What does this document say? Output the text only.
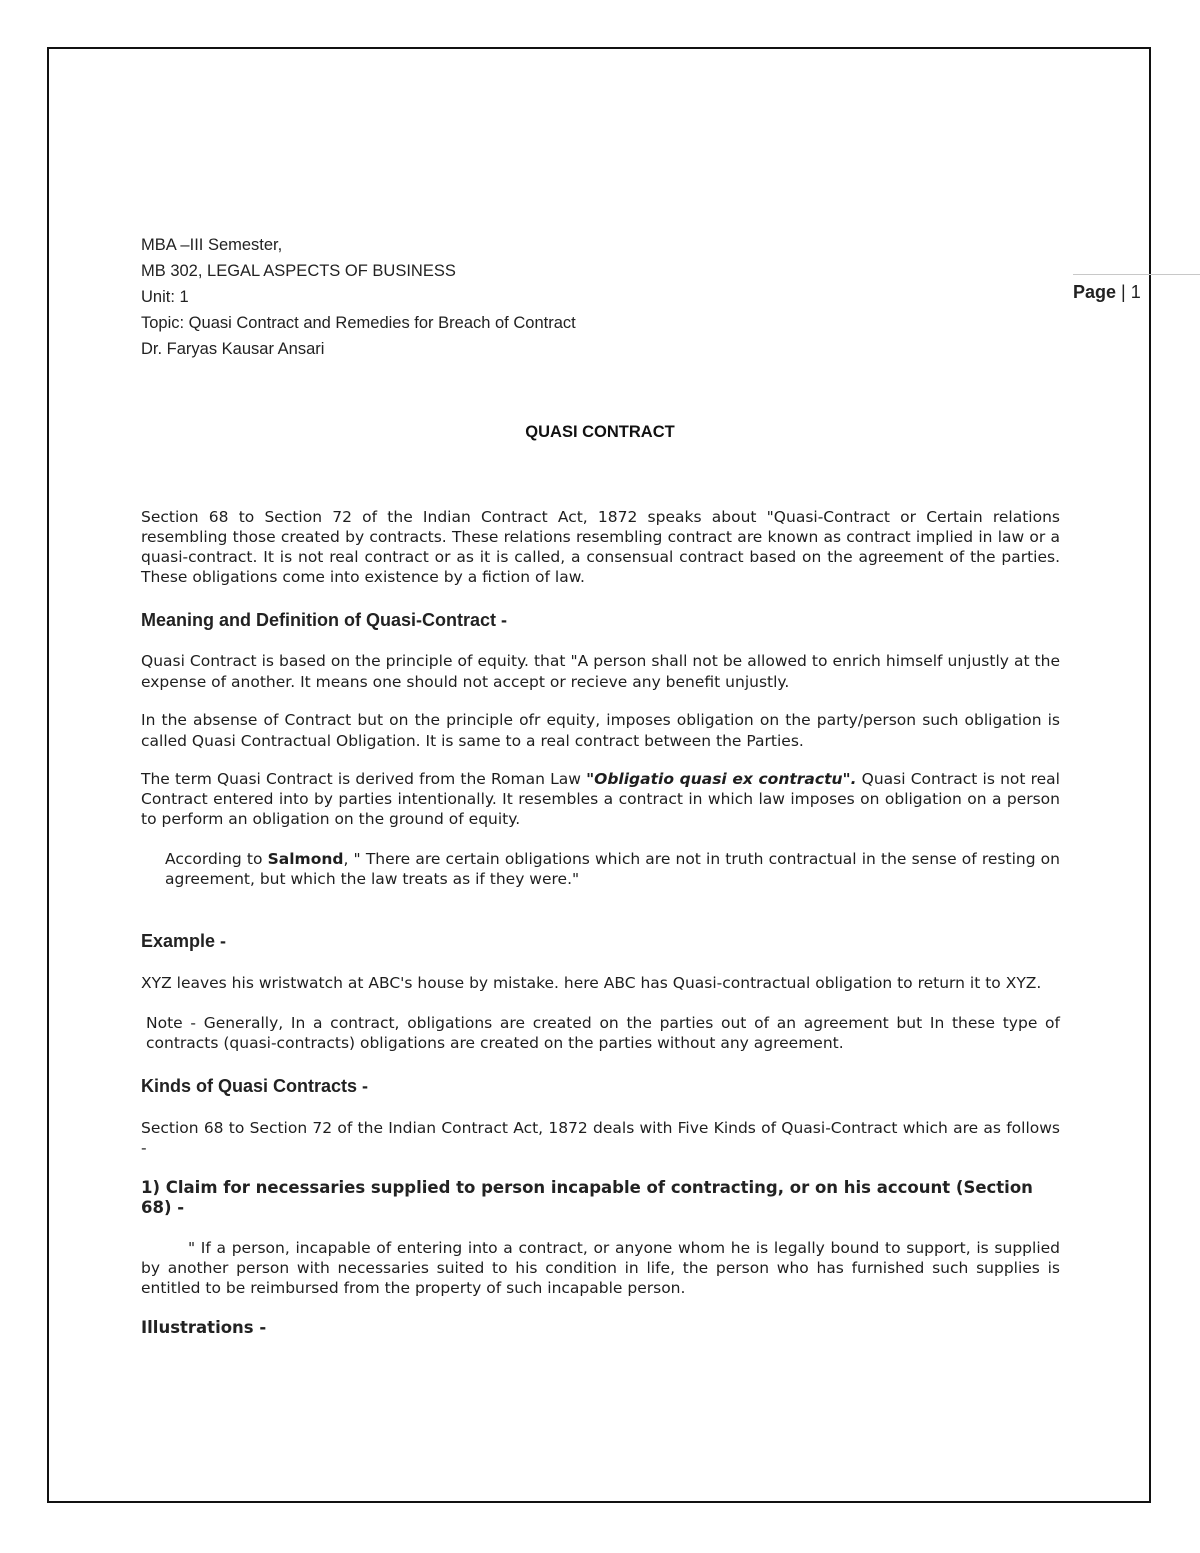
Page | 1
MBA –III Semester,
MB 302, LEGAL ASPECTS OF BUSINESS
Unit: 1
Topic: Quasi Contract and Remedies for Breach of Contract
Dr. Faryas Kausar Ansari
QUASI CONTRACT

Section 68 to Section 72 of the Indian Contract Act, 1872 speaks about "Quasi-Contract or Certain relations resembling those created by contracts. These relations resembling contract are known as contract implied in law or a quasi-contract. It is not real contract or as it is called, a consensual contract based on the agreement of the parties. These obligations come into existence by a fiction of law.

Meaning and Definition of Quasi-Contract -

Quasi Contract is based on the principle of equity. that "A person shall not be allowed to enrich himself unjustly at the expense of another. It means one should not accept or recieve any benefit unjustly.

In the absense of Contract but on the principle ofr equity, imposes obligation on the party/person such obligation is called Quasi Contractual Obligation. It is same to a real contract between the Parties.

The term Quasi Contract is derived from the Roman Law "Obligatio quasi ex contractu". Quasi Contract is not real Contract entered into by parties intentionally. It resembles a contract in which law imposes on obligation on a person to perform an obligation on the ground of equity.

According to Salmond, " There are certain obligations which are not in truth contractual in the sense of resting on agreement, but which the law treats as if they were."

Example -

XYZ leaves his wristwatch at ABC's house by mistake. here ABC has Quasi-contractual obligation to return it to XYZ.

Note - Generally, In a contract, obligations are created on the parties out of an agreement but In these type of contracts (quasi-contracts) obligations are created on the parties without any agreement.

Kinds of Quasi Contracts -

Section 68 to Section 72 of the Indian Contract Act, 1872 deals with Five Kinds of Quasi-Contract which are as follows -

1) Claim for necessaries supplied to person incapable of contracting, or on his account (Section 68) -

" If a person, incapable of entering into a contract, or anyone whom he is legally bound to support, is supplied by another person with necessaries suited to his condition in life, the person who has furnished such supplies is entitled to be reimbursed from the property of such incapable person.

Illustrations -
